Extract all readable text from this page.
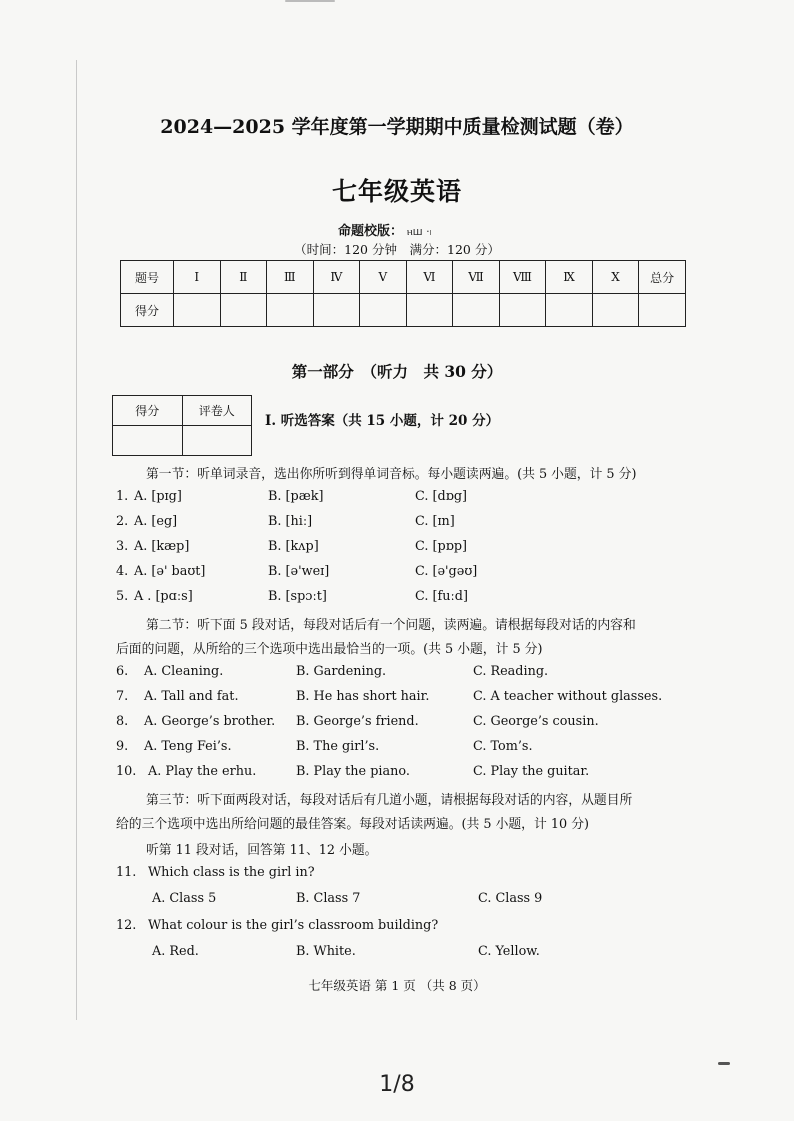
2024—2025 学年度第一学期期中质量检测试题（卷）
七年级英语
命题校版： ⲏш ·ₗ
（时间：120 分钟　满分：120 分）
题号	Ⅰ	Ⅱ	Ⅲ	Ⅳ	Ⅴ	Ⅵ	Ⅶ	Ⅷ	Ⅸ	Ⅹ	总分
得分											
第一部分　（听力　共 30 分）
得分	评卷人

I. 听选答案（共 15 小题，计 20 分）
第一节：听单词录音，选出你所听到得单词音标。每小题读两遍。(共 5 小题，计 5 分)
1. A. [pɪg]	B. [pæk]	C. [dɒg]
2. A. [eg]	B. [hiː]	C. [ɪn]
3. A. [kæp]	B. [kʌp]	C. [pɒp]
4. A. [ə' baʊt]	B. [ə'weɪ]	C. [ə'gəʊ]
5. A . [pɑːs]	B. [spɔːt]	C. [fuːd]
第二节：听下面 5 段对话，每段对话后有一个问题，读两遍。请根据每段对话的内容和
后面的问题，从所给的三个选项中选出最恰当的一项。(共 5 小题，计 5 分)
6. A. Cleaning.	B. Gardening.	C. Reading.
7. A. Tall and fat.	B. He has short hair.	C. A teacher without glasses.
8. A. George’s brother. B. George’s friend.	C. George’s cousin.
9. A. Teng Fei’s.	B. The girl’s.	C. Tom’s.
10. A. Play the erhu.	B. Play the piano.	C. Play the guitar.
第三节：听下面两段对话，每段对话后有几道小题，请根据每段对话的内容，从题目所
给的三个选项中选出所给问题的最佳答案。每段对话读两遍。(共 5 小题，计 10 分)
听第 11 段对话，回答第 11、12 小题。
11. Which class is the girl in?
A. Class 5	B. Class 7	C. Class 9
12. What colour is the girl’s classroom building?
A. Red.	B. White.	C. Yellow.
七年级英语 第 1 页 （共 8 页）
1/8
